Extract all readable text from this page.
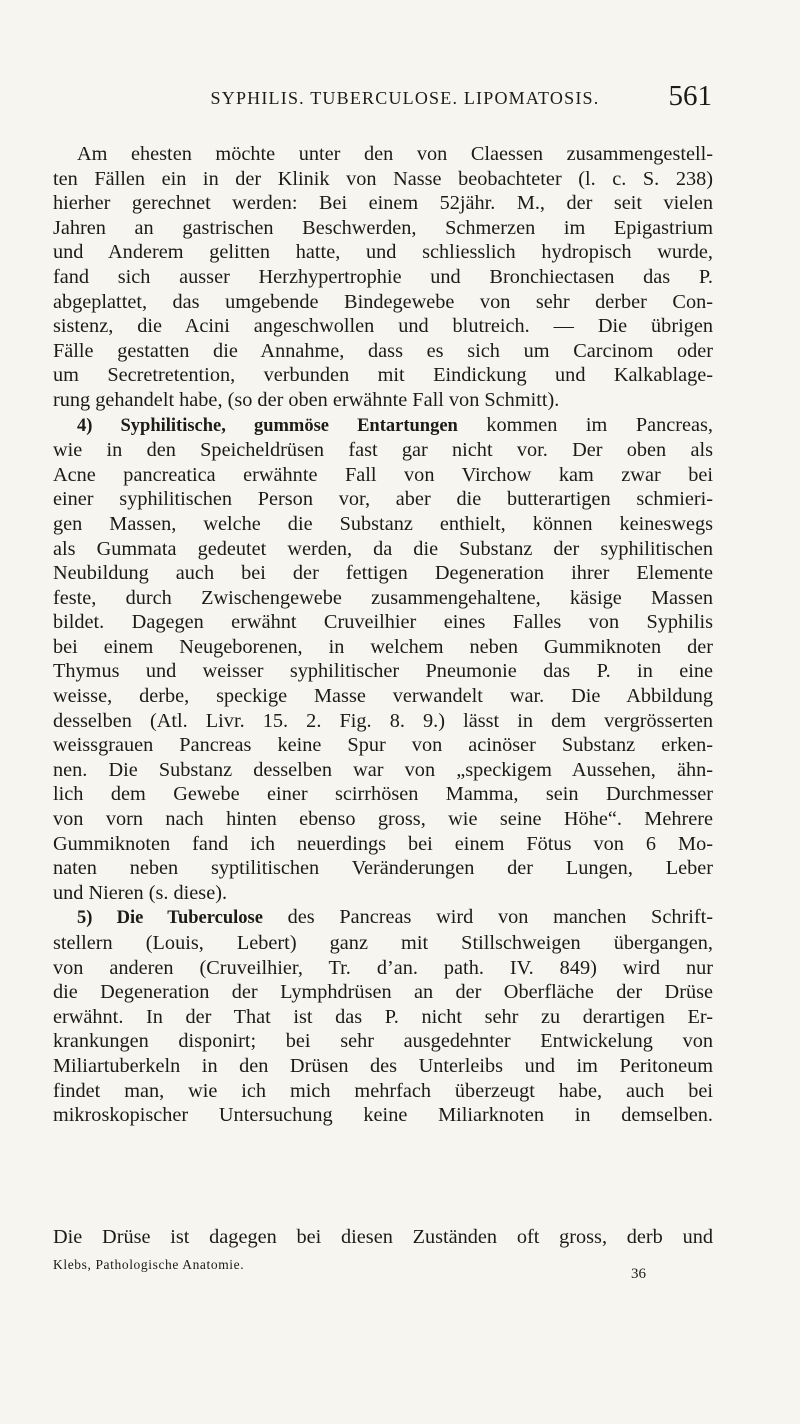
SYPHILIS. TUBERCULOSE. LIPOMATOSIS.	561
Am ehesten möchte unter den von Claessen zusammengestell-
ten Fällen ein in der Klinik von Nasse beobachteter (l. c. S. 238)
hierher gerechnet werden: Bei einem 52jähr. M., der seit vielen
Jahren an gastrischen Beschwerden, Schmerzen im Epigastrium
und Anderem gelitten hatte, und schliesslich hydropisch wurde,
fand sich ausser Herzhypertrophie und Bronchiectasen das P.
abgeplattet, das umgebende Bindegewebe von sehr derber Con-
sistenz, die Acini angeschwollen und blutreich. — Die übrigen
Fälle gestatten die Annahme, dass es sich um Carcinom oder
um Secretretention, verbunden mit Eindickung und Kalkablage-
rung gehandelt habe, (so der oben erwähnte Fall von Schmitt).
4) Syphilitische, gummöse Entartungen kommen im Pancreas,
wie in den Speicheldrüsen fast gar nicht vor. Der oben als
Acne pancreatica erwähnte Fall von Virchow kam zwar bei
einer syphilitischen Person vor, aber die butterartigen schmieri-
gen Massen, welche die Substanz enthielt, können keineswegs
als Gummata gedeutet werden, da die Substanz der syphilitischen
Neubildung auch bei der fettigen Degeneration ihrer Elemente
feste, durch Zwischengewebe zusammengehaltene, käsige Massen
bildet. Dagegen erwähnt Cruveilhier eines Falles von Syphilis
bei einem Neugeborenen, in welchem neben Gummiknoten der
Thymus und weisser syphilitischer Pneumonie das P. in eine
weisse, derbe, speckige Masse verwandelt war. Die Abbildung
desselben (Atl. Livr. 15. 2. Fig. 8. 9.) lässt in dem vergrösserten
weissgrauen Pancreas keine Spur von acinöser Substanz erken-
nen. Die Substanz desselben war von „speckigem Aussehen, ähn-
lich dem Gewebe einer scirrhösen Mamma, sein Durchmesser
von vorn nach hinten ebenso gross, wie seine Höhe“. Mehrere
Gummiknoten fand ich neuerdings bei einem Fötus von 6 Mo-
naten neben syptilitischen Veränderungen der Lungen, Leber
und Nieren (s. diese).
5) Die Tuberculose des Pancreas wird von manchen Schrift-
stellern (Louis, Lebert) ganz mit Stillschweigen übergangen,
von anderen (Cruveilhier, Tr. d’an. path. IV. 849) wird nur
die Degeneration der Lymphdrüsen an der Oberfläche der Drüse
erwähnt. In der That ist das P. nicht sehr zu derartigen Er-
krankungen disponirt; bei sehr ausgedehnter Entwickelung von
Miliartuberkeln in den Drüsen des Unterleibs und im Peritoneum
findet man, wie ich mich mehrfach überzeugt habe, auch bei
mikroskopischer Untersuchung keine Miliarknoten in demselben.
Die Drüse ist dagegen bei diesen Zuständen oft gross, derb und
Klebs, Pathologische Anatomie.
36
